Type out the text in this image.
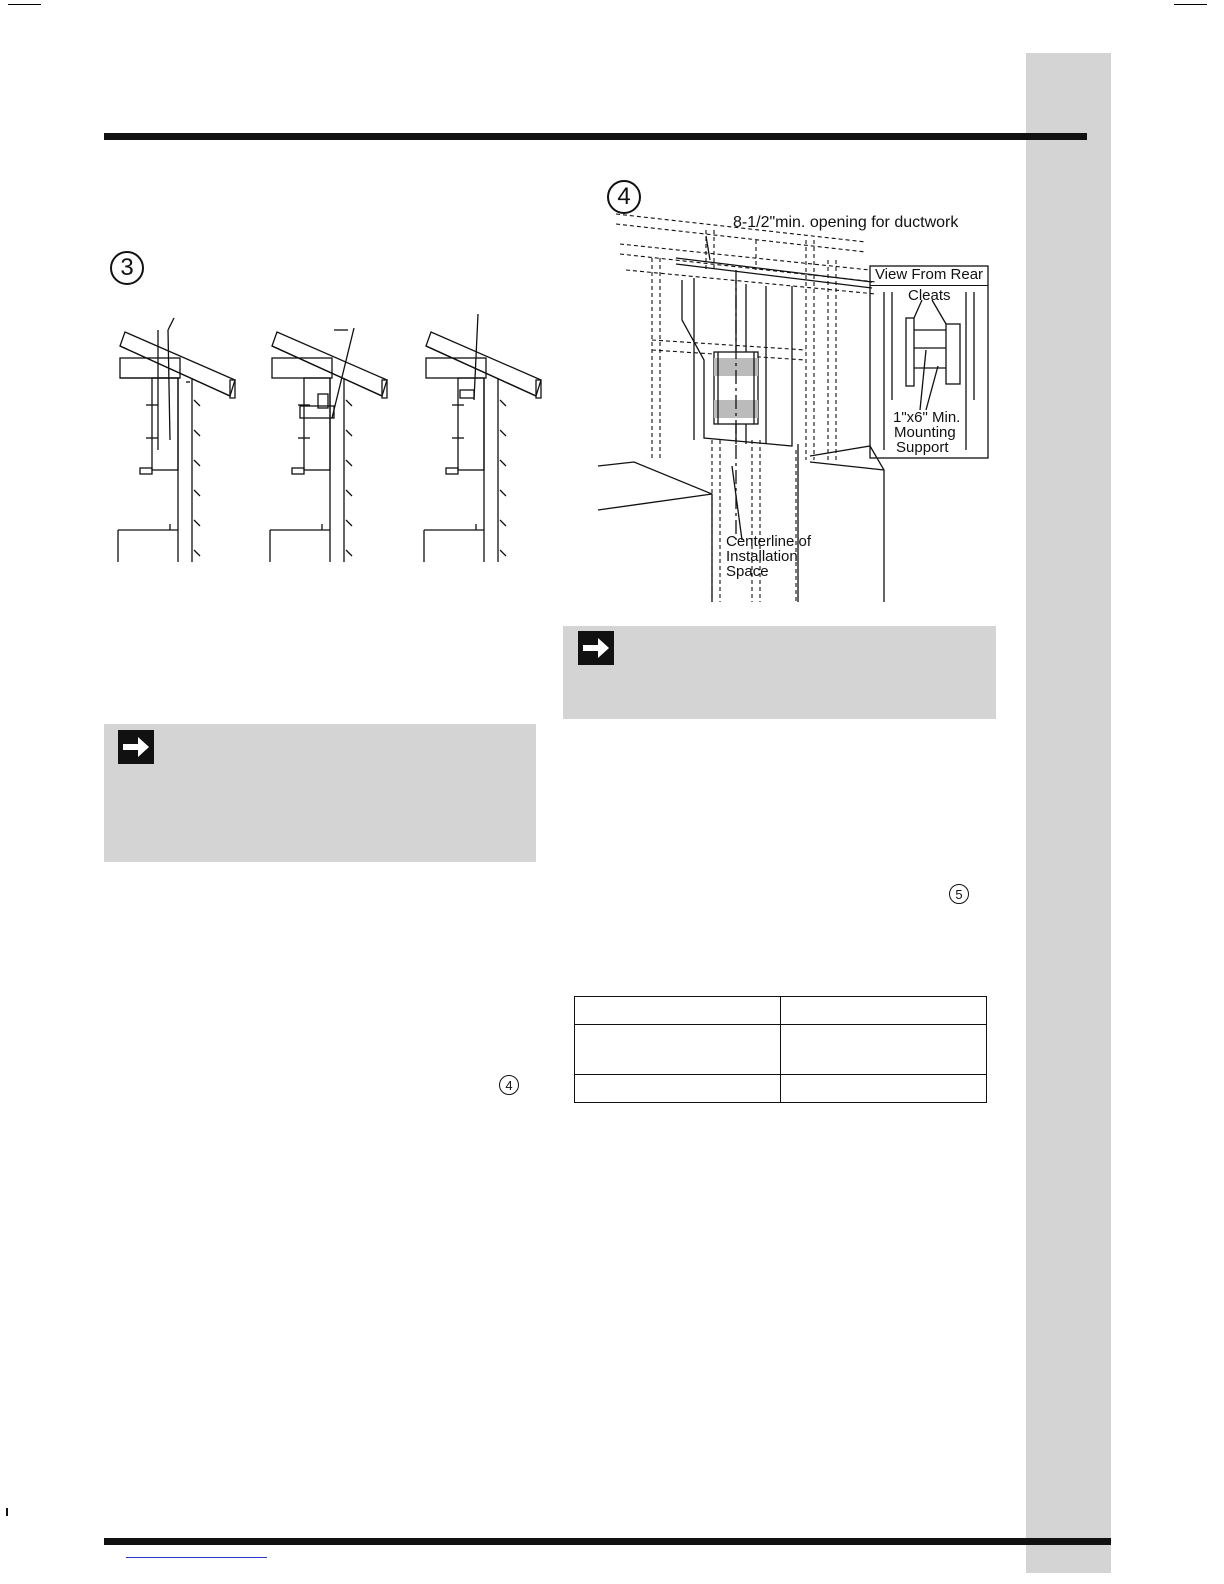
3
4
4
8-1/2"min. opening for ductwork
View From Rear
Cleats
1"x6" Min.
Mounting
Support
Centerline of
Installation
Space
5
